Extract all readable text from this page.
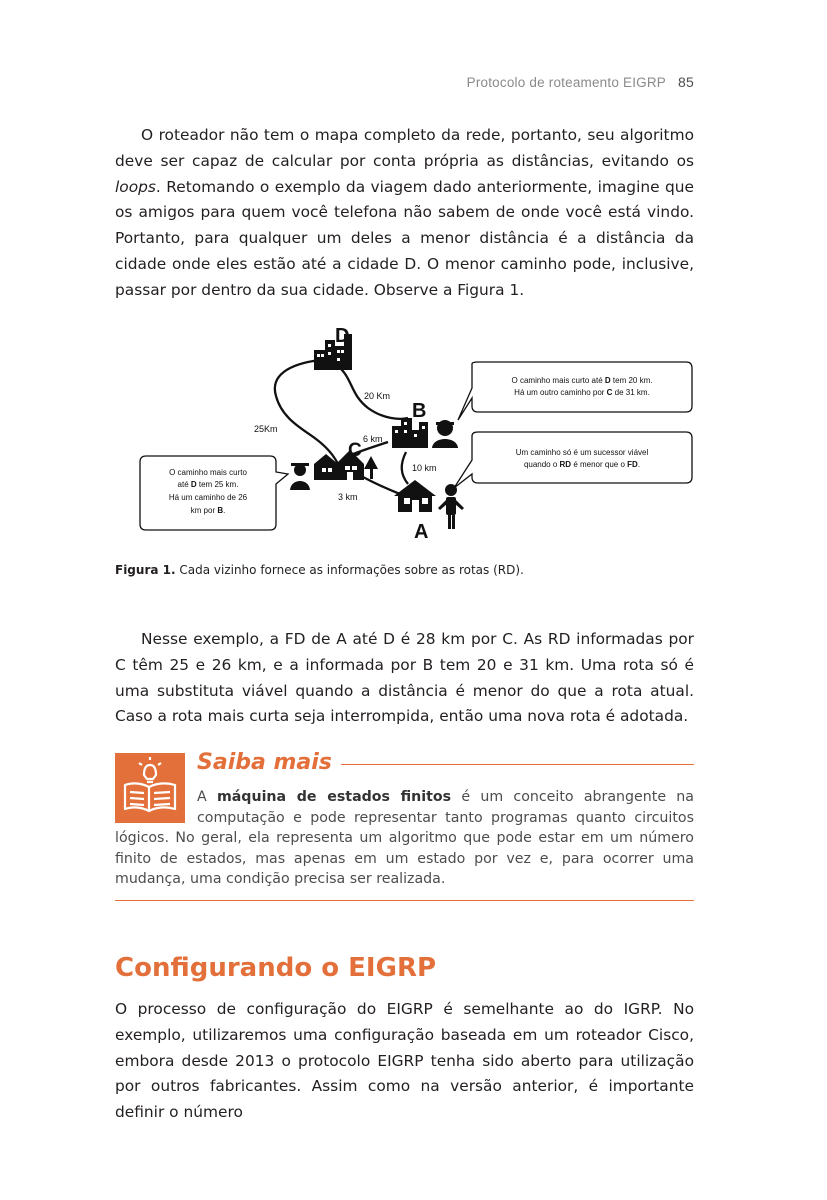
Protocolo de roteamento EIGRP 85

O roteador não tem o mapa completo da rede, portanto, seu algoritmo deve ser capaz de calcular por conta própria as distâncias, evitando os loops. Retomando o exemplo da viagem dado anteriormente, imagine que os amigos para quem você telefona não sabem de onde você está vindo. Portanto, para qualquer um deles a menor distância é a distância da cidade onde eles estão até a cidade D. O menor caminho pode, inclusive, passar por dentro da sua cidade. Observe a Figura 1.

D
B
C
A
20 Km
25Km
6 km
10 km
3 km
O caminho mais curto até D tem 20 km.
Há um outro caminho por C de 31 km.
Um caminho só é um sucessor viável
quando o RD é menor que o FD.
O caminho mais curto
até D tem 25 km.
Há um caminho de 26
km por B.
Figura 1. Cada vizinho fornece as informações sobre as rotas (RD).

Nesse exemplo, a FD de A até D é 28 km por C. As RD informadas por C têm 25 e 26 km, e a informada por B tem 20 e 31 km. Uma rota só é uma substituta viável quando a distância é menor do que a rota atual. Caso a rota mais curta seja interrompida, então uma nova rota é adotada.

Saiba mais

A máquina de estados finitos é um conceito abrangente na computação e pode representar tanto programas quanto circuitos lógicos. No geral, ela representa um algoritmo que pode estar em um número finito de estados, mas apenas em um estado por vez e, para ocorrer uma mudança, uma condição precisa ser realizada.

Configurando o EIGRP

O processo de configuração do EIGRP é semelhante ao do IGRP. No exemplo, utilizaremos uma configuração baseada em um roteador Cisco, embora desde 2013 o protocolo EIGRP tenha sido aberto para utilização por outros fabricantes. Assim como na versão anterior, é importante definir o número
